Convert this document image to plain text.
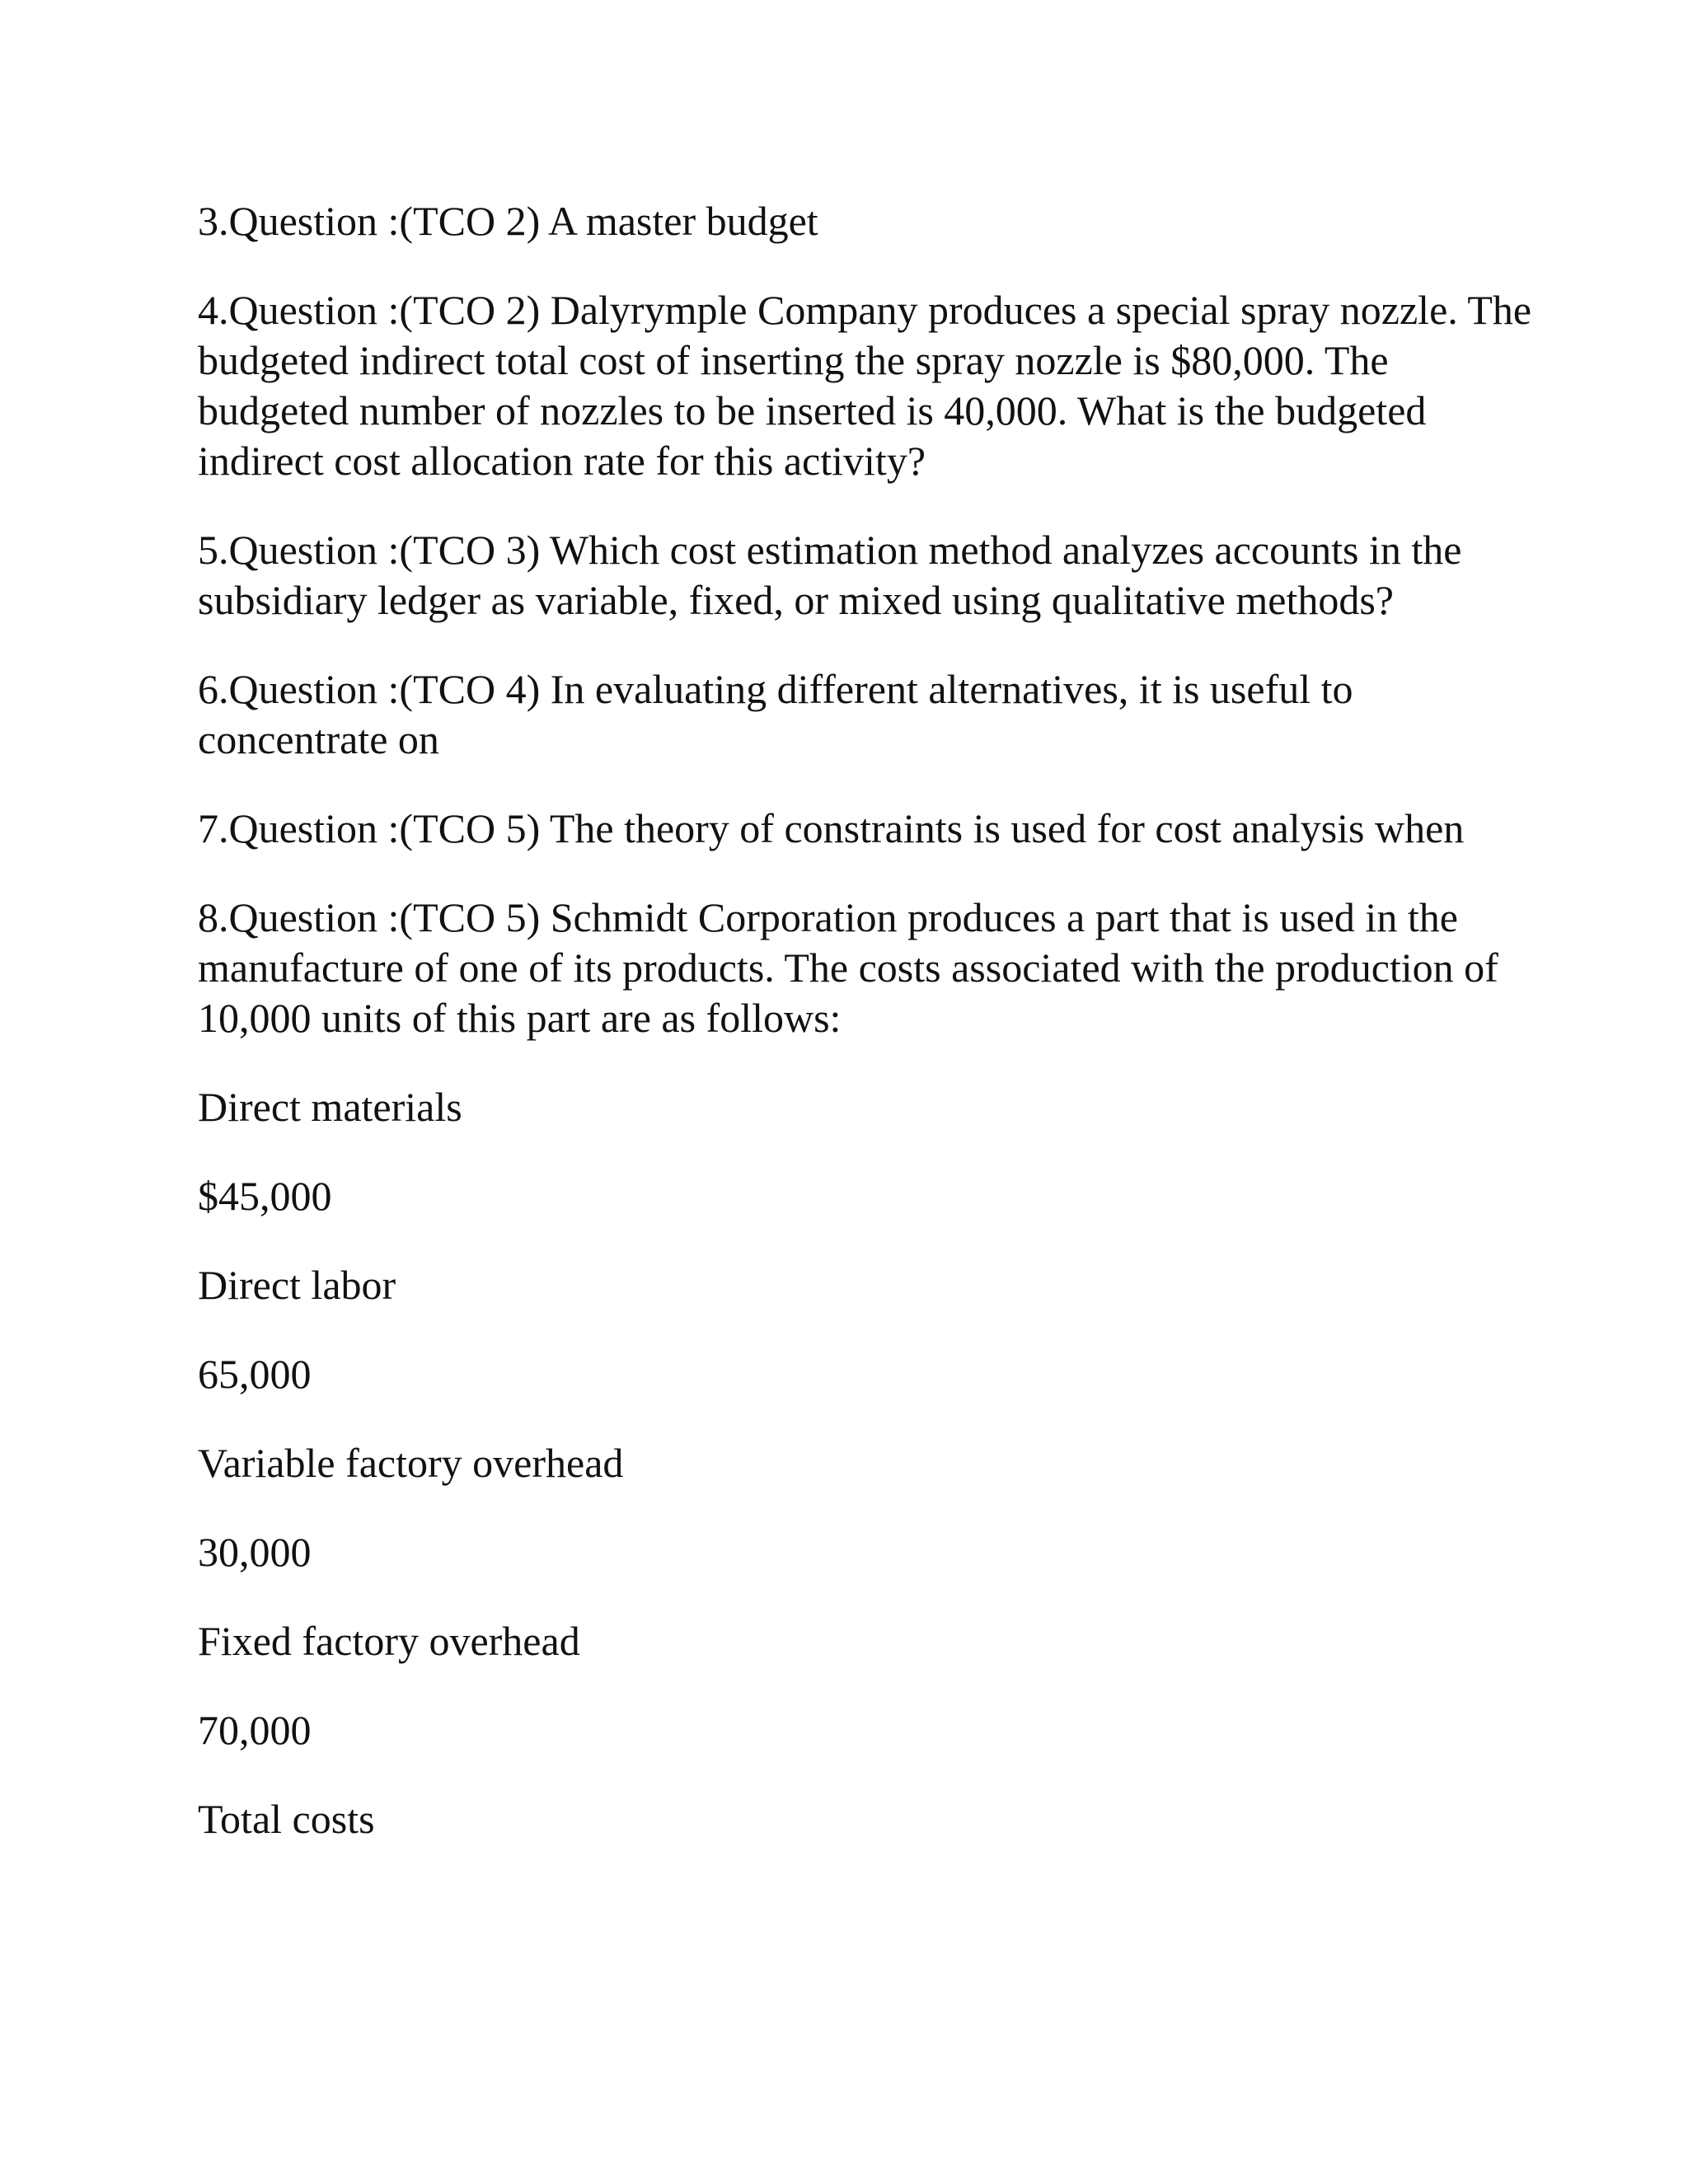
3.Question :(TCO 2) A master budget

4.Question :(TCO 2) Dalyrymple Company produces a special spray nozzle. The budgeted indirect total cost of inserting the spray nozzle is $80,000. The budgeted number of nozzles to be inserted is 40,000. What is the budgeted indirect cost allocation rate for this activity?

5.Question :(TCO 3) Which cost estimation method analyzes accounts in the subsidiary ledger as variable, fixed, or mixed using qualitative methods?

6.Question :(TCO 4) In evaluating different alternatives, it is useful to concentrate on

7.Question :(TCO 5) The theory of constraints is used for cost analysis when

8.Question :(TCO 5) Schmidt Corporation produces a part that is used in the manufacture of one of its products. The costs associated with the production of 10,000 units of this part are as follows:

Direct materials

$45,000

Direct labor

65,000

Variable factory overhead

30,000

Fixed factory overhead

70,000

Total costs
